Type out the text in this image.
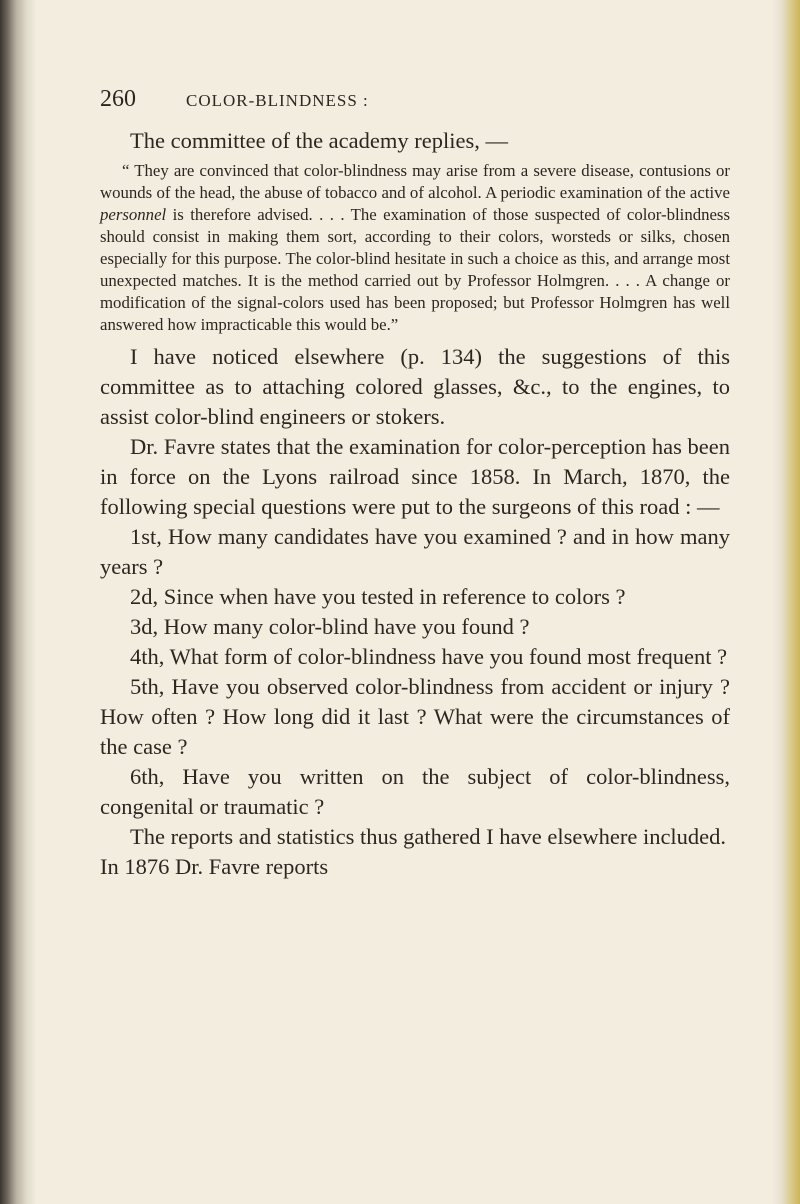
260	COLOR-BLINDNESS :

The committee of the academy replies, —

“ They are convinced that color-blindness may arise from a severe disease, contusions or wounds of the head, the abuse of tobacco and of alcohol. A periodic examination of the active personnel is therefore advised. . . . The examination of those suspected of color-blindness should consist in making them sort, according to their colors, worsteds or silks, chosen especially for this purpose. The color-blind hesitate in such a choice as this, and arrange most unexpected matches. It is the method carried out by Professor Holmgren. . . . A change or modification of the signal-colors used has been proposed; but Professor Holmgren has well answered how impracticable this would be.”

I have noticed elsewhere (p. 134) the suggestions of this committee as to attaching colored glasses, &c., to the engines, to assist color-blind engineers or stokers.

Dr. Favre states that the examination for color-perception has been in force on the Lyons railroad since 1858. In March, 1870, the following special questions were put to the surgeons of this road : —

1st, How many candidates have you examined ? and in how many years ?

2d, Since when have you tested in reference to colors ?

3d, How many color-blind have you found ?

4th, What form of color-blindness have you found most frequent ?

5th, Have you observed color-blindness from accident or injury ? How often ? How long did it last ? What were the circumstances of the case ?

6th, Have you written on the subject of color-blindness, congenital or traumatic ?

The reports and statistics thus gathered I have elsewhere included. In 1876 Dr. Favre reports
